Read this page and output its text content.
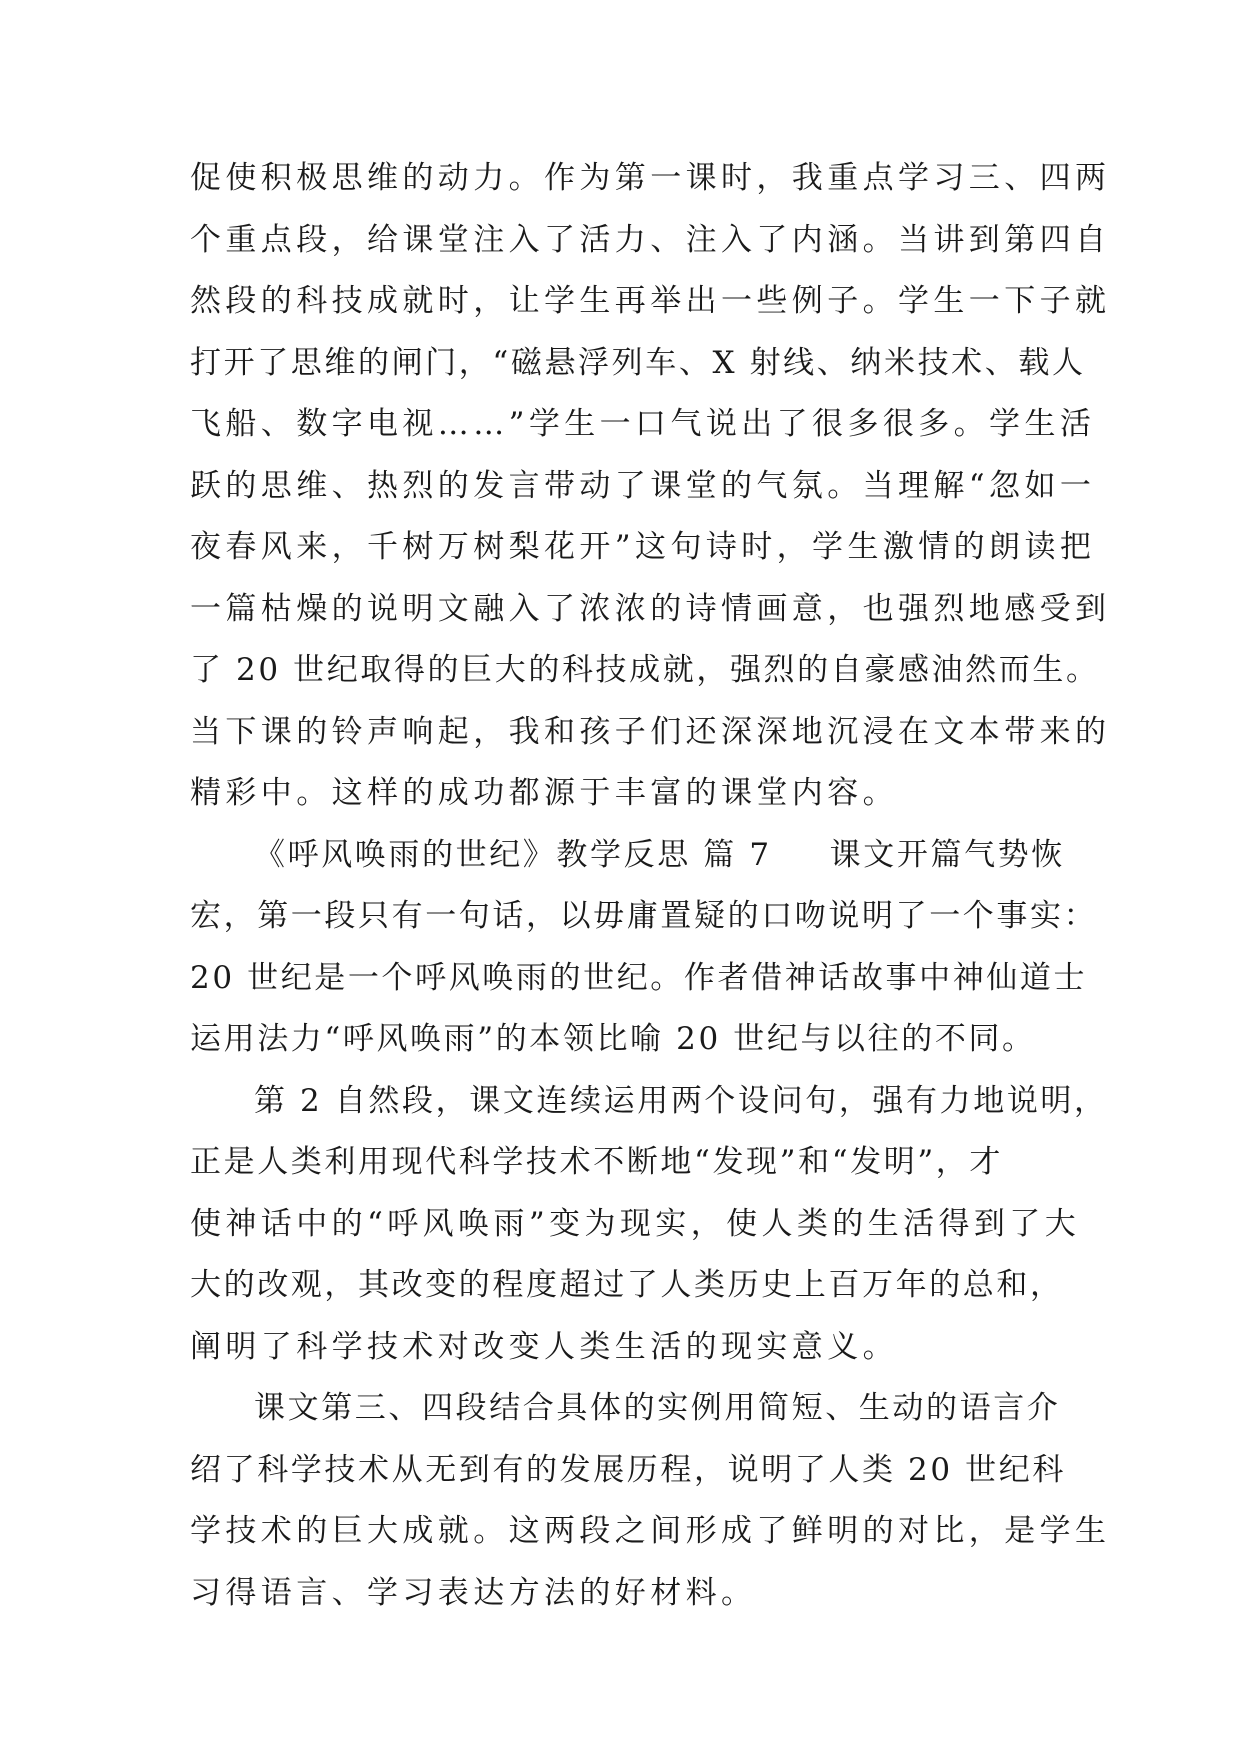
促使积极思维的动力。作为第一课时，我重点学习三、四两
个重点段，给课堂注入了活力、注入了内涵。当讲到第四自
然段的科技成就时，让学生再举出一些例子。学生一下子就
打开了思维的闸门，“磁悬浮列车、X 射线、纳米技术、载人
飞船、数字电视……”学生一口气说出了很多很多。学生活
跃的思维、热烈的发言带动了课堂的气氛。当理解“忽如一
夜春风来，千树万树梨花开”这句诗时，学生激情的朗读把
一篇枯燥的说明文融入了浓浓的诗情画意，也强烈地感受到
了 20 世纪取得的巨大的科技成就，强烈的自豪感油然而生。
当下课的铃声响起，我和孩子们还深深地沉浸在文本带来的
精彩中。这样的成功都源于丰富的课堂内容。
《呼风唤雨的世纪》教学反思 篇 7 课文开篇气势恢
宏，第一段只有一句话，以毋庸置疑的口吻说明了一个事实：
20 世纪是一个呼风唤雨的世纪。作者借神话故事中神仙道士
运用法力“呼风唤雨”的本领比喻 20 世纪与以往的不同。
第 2 自然段，课文连续运用两个设问句，强有力地说明，
正是人类利用现代科学技术不断地“发现”和“发明”，才
使神话中的“呼风唤雨”变为现实，使人类的生活得到了大
大的改观，其改变的程度超过了人类历史上百万年的总和，
阐明了科学技术对改变人类生活的现实意义。
课文第三、四段结合具体的实例用简短、生动的语言介
绍了科学技术从无到有的发展历程，说明了人类 20 世纪科
学技术的巨大成就。这两段之间形成了鲜明的对比，是学生
习得语言、学习表达方法的好材料。
